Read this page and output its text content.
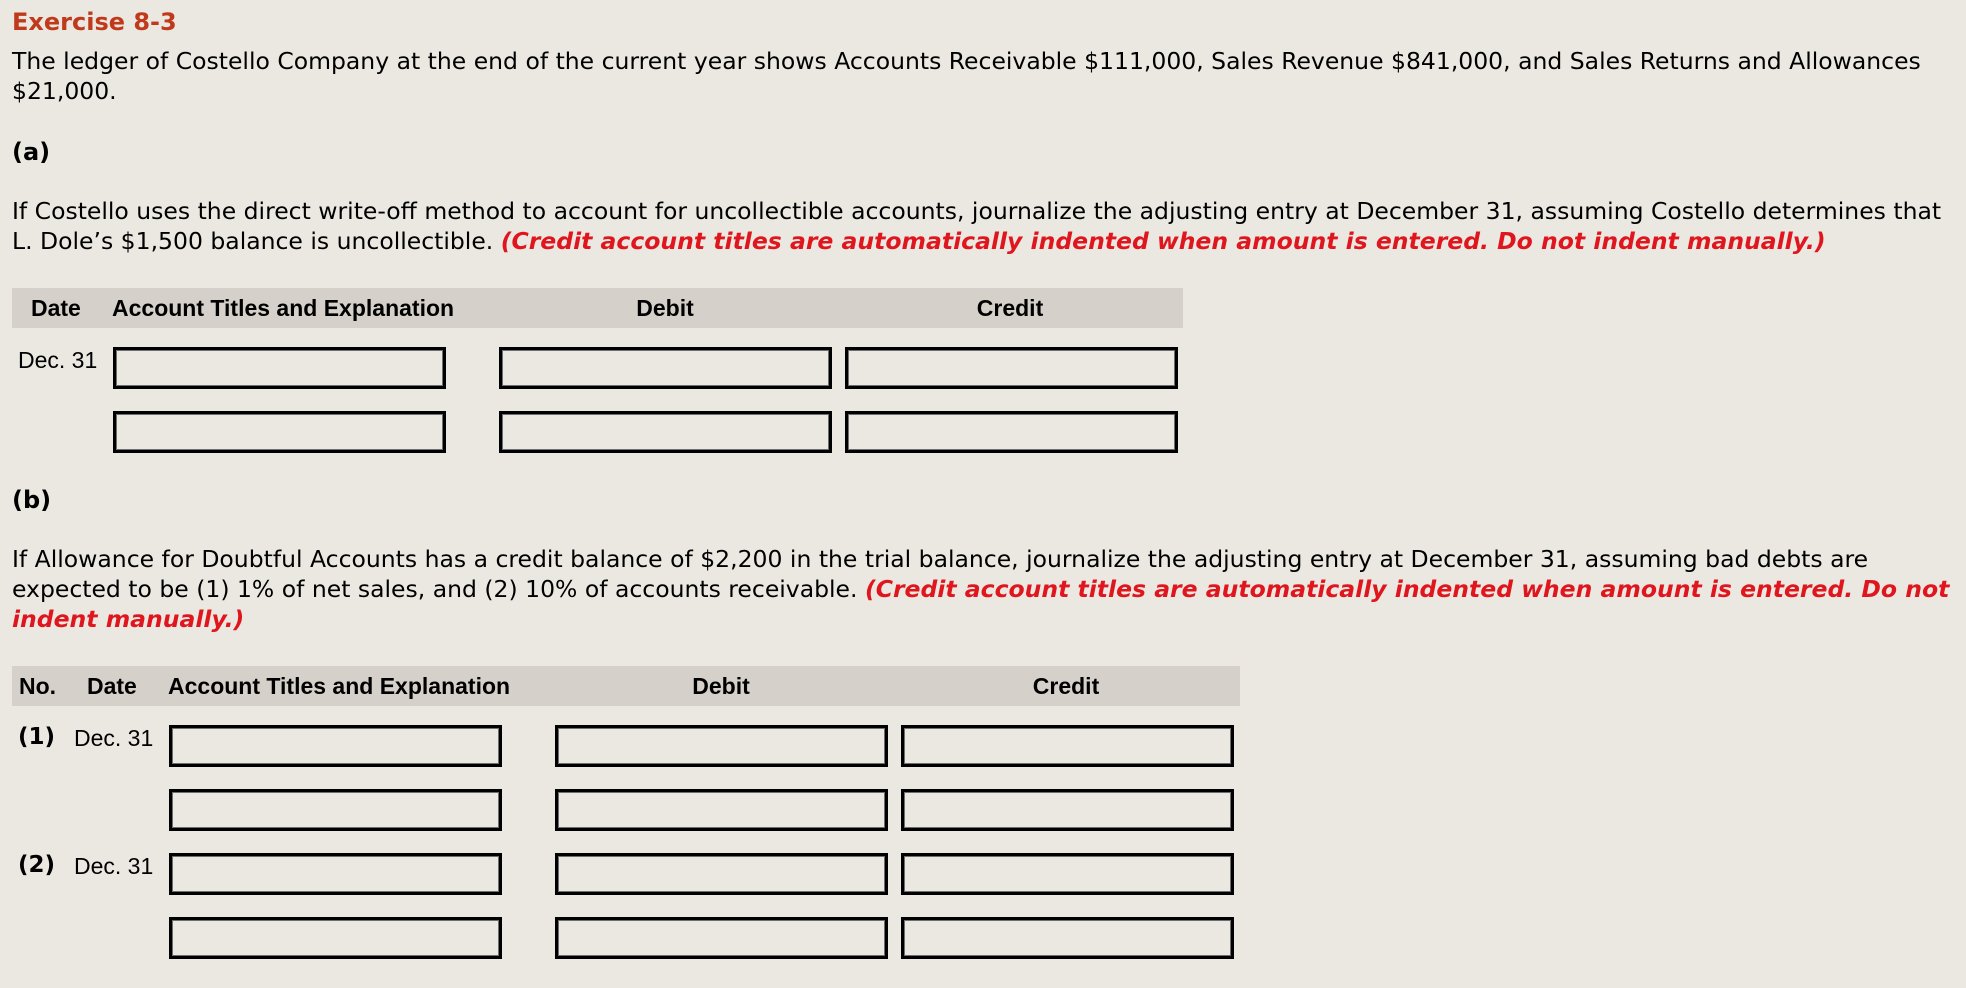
Exercise 8-3
The ledger of Costello Company at the end of the current year shows Accounts Receivable $111,000, Sales Revenue $841,000, and Sales Returns and Allowances $21,000.
(a)
If Costello uses the direct write-off method to account for uncollectible accounts, journalize the adjusting entry at December 31, assuming Costello determines that L. Dole’s $1,500 balance is uncollectible. (Credit account titles are automatically indented when amount is entered. Do not indent manually.)
Date Account Titles and Explanation	Debit	Credit
Dec. 31
(b)
If Allowance for Doubtful Accounts has a credit balance of $2,200 in the trial balance, journalize the adjusting entry at December 31, assuming bad debts are expected to be (1) 1% of net sales, and (2) 10% of accounts receivable. (Credit account titles are automatically indented when amount is entered. Do not indent manually.)
No. Date Account Titles and Explanation	Debit	Credit
(1) Dec. 31
(2) Dec. 31
